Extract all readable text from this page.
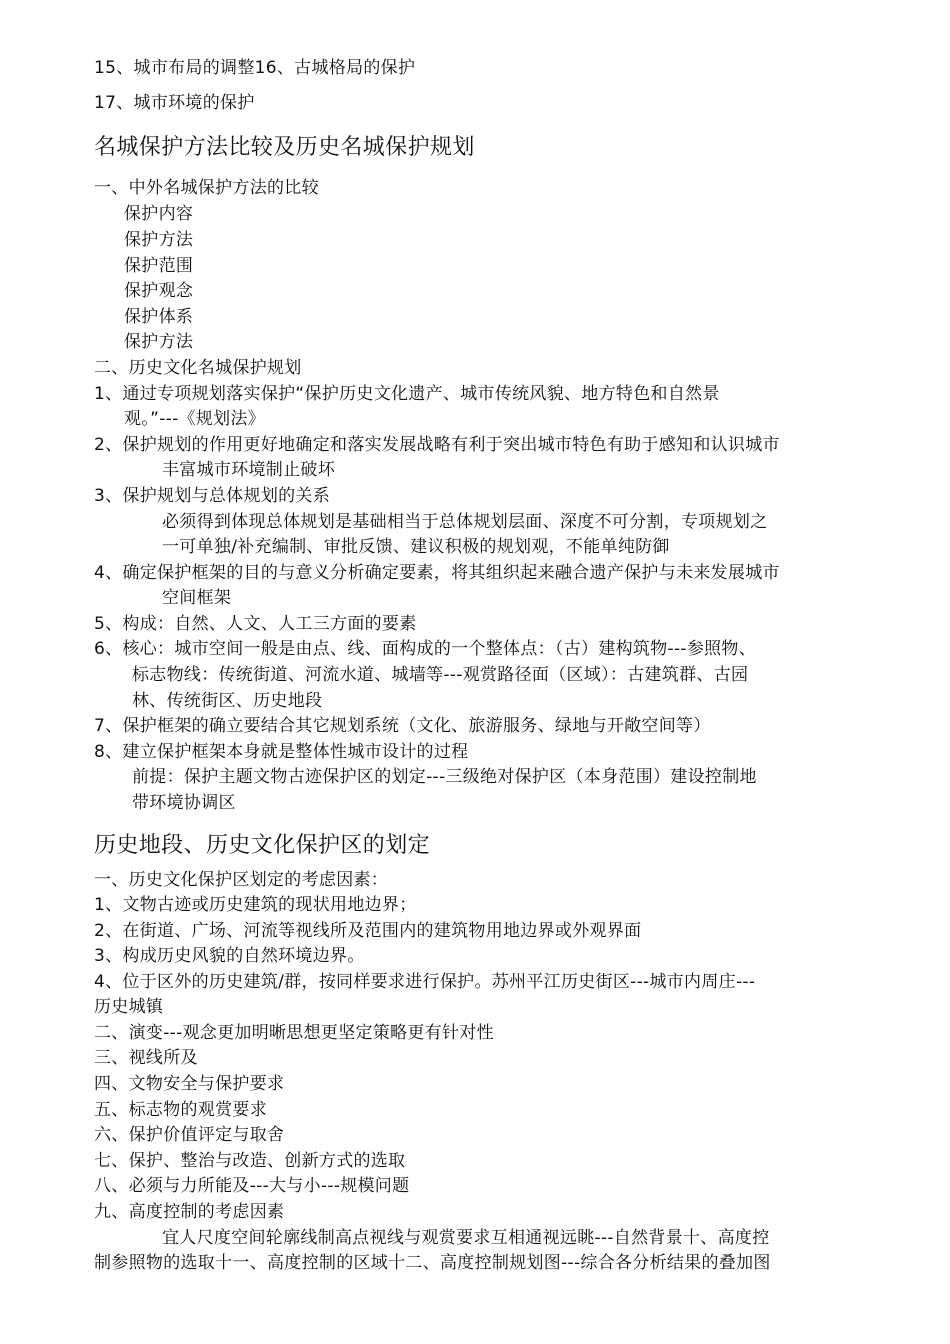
15、城市布局的调整16、古城格局的保护
17、城市环境的保护
名城保护方法比较及历史名城保护规划
一、中外名城保护方法的比较
保护内容
保护方法
保护范围
保护观念
保护体系
保护方法
二、历史文化名城保护规划
1、通过专项规划落实保护“保护历史文化遗产、城市传统风貌、地方特色和自然景
观。”---《规划法》
2、保护规划的作用更好地确定和落实发展战略有利于突出城市特色有助于感知和认识城市
丰富城市环境制止破坏
3、保护规划与总体规划的关系
必须得到体现总体规划是基础相当于总体规划层面、深度不可分割，专项规划之
一可单独/补充编制、审批反馈、建议积极的规划观，不能单纯防御
4、确定保护框架的目的与意义分析确定要素，将其组织起来融合遗产保护与未来发展城市
空间框架
5、构成：自然、人文、人工三方面的要素
6、核心：城市空间一般是由点、线、面构成的一个整体点：（古）建构筑物---参照物、
标志物线：传统街道、河流水道、城墙等---观赏路径面（区域）：古建筑群、古园
林、传统街区、历史地段
7、保护框架的确立要结合其它规划系统（文化、旅游服务、绿地与开敞空间等）
8、建立保护框架本身就是整体性城市设计的过程
前提：保护主题文物古迹保护区的划定---三级绝对保护区（本身范围）建设控制地
带环境协调区
历史地段、历史文化保护区的划定
一、历史文化保护区划定的考虑因素：
1、文物古迹或历史建筑的现状用地边界；
2、在街道、广场、河流等视线所及范围内的建筑物用地边界或外观界面
3、构成历史风貌的自然环境边界。
4、位于区外的历史建筑/群，按同样要求进行保护。苏州平江历史街区---城市内周庄---
历史城镇
二、演变---观念更加明晰思想更坚定策略更有针对性
三、视线所及
四、文物安全与保护要求
五、标志物的观赏要求
六、保护价值评定与取舍
七、保护、整治与改造、创新方式的选取
八、必须与力所能及---大与小---规模问题
九、高度控制的考虑因素
宜人尺度空间轮廓线制高点视线与观赏要求互相通视远眺---自然背景十、高度控
制参照物的选取十一、高度控制的区域十二、高度控制规划图---综合各分析结果的叠加图
